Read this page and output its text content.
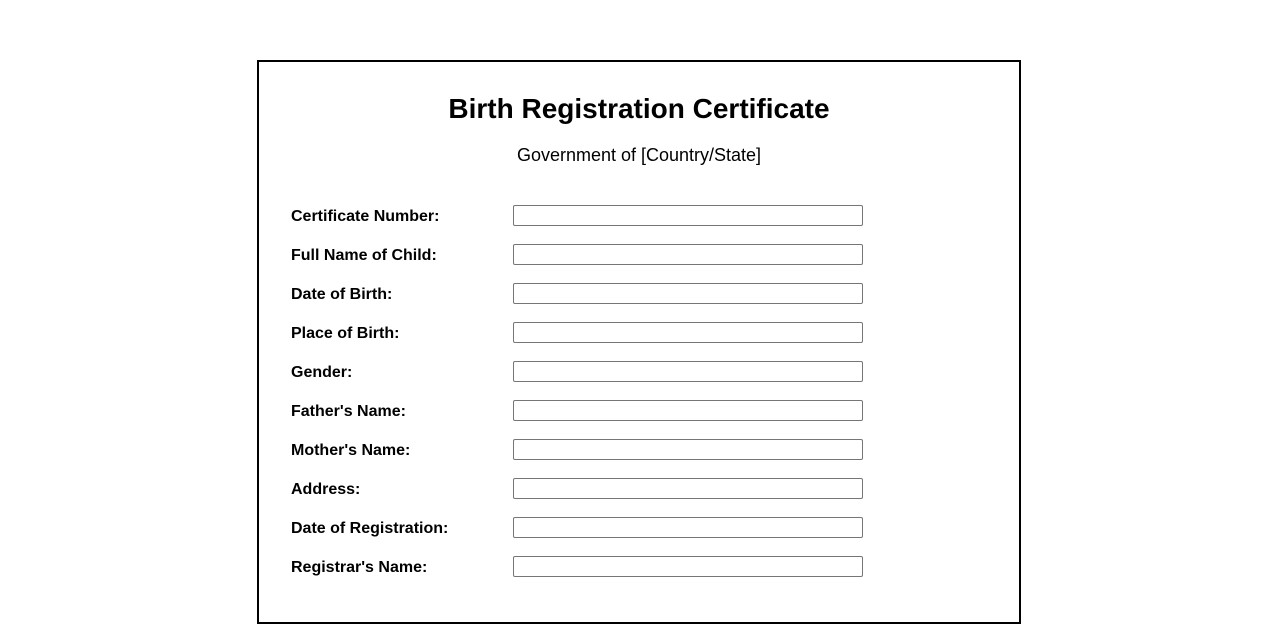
Birth Registration Certificate

Government of [Country/State]

Certificate Number:
Full Name of Child:
Date of Birth:
Place of Birth:
Gender:
Father's Name:
Mother's Name:
Address:
Date of Registration:
Registrar's Name:
